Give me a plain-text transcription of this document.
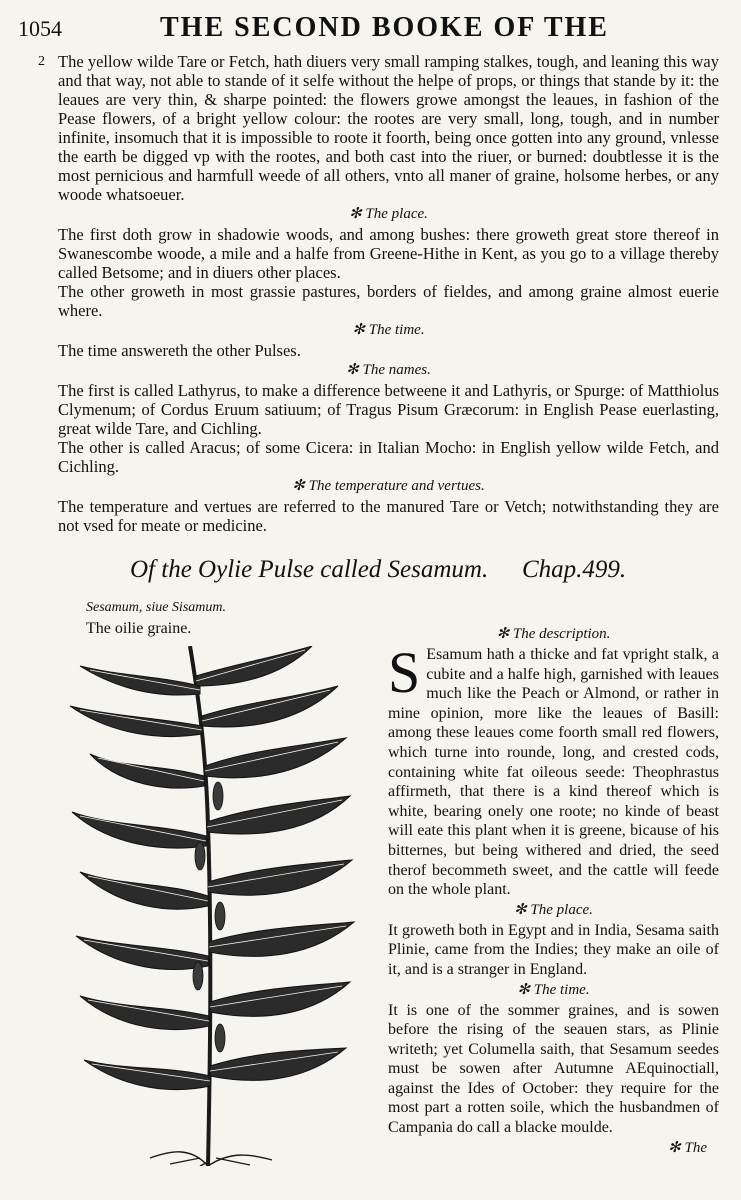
1054	THE SECOND BOOKE OF THE

2 The yellow wilde Tare or Fetch, hath diuers very small ramping stalkes, tough, and leaning this way and that way, not able to stande of it selfe without the helpe of props, or things that stande by it: the leaues are very thin, & sharpe pointed: the flowers growe amongst the leaues, in fashion of the Pease flowers, of a bright yellow colour: the rootes are very small, long, tough, and in number infinite, insomuch that it is impossible to roote it foorth, being once gotten into any ground, vnlesse the earth be digged vp with the rootes, and both cast into the riuer, or burned: doubtlesse it is the most pernicious and harmfull weede of all others, vnto all maner of graine, holsome herbes, or any woode whatsoeuer.

✻ The place.

The first doth grow in shadowie woods, and among bushes: there groweth great store thereof in Swanescombe woode, a mile and a halfe from Greene-Hithe in Kent, as you go to a village thereby called Betsome; and in diuers other places.

The other groweth in most grassie pastures, borders of fieldes, and among graine almost euerie where.

✻ The time.

The time answereth the other Pulses.

✻ The names.

The first is called Lathyrus, to make a difference betweene it and Lathyris, or Spurge: of Matthiolus Clymenum; of Cordus Eruum satiuum; of Tragus Pisum Græcorum: in English Pease euerlasting, great wilde Tare, and Cichling.

The other is called Aracus; of some Cicera: in Italian Mocho: in English yellow wilde Fetch, and Cichling.

✻ The temperature and vertues.

The temperature and vertues are referred to the manured Tare or Vetch; notwithstanding they are not vsed for meate or medicine.

Of the Oylie Pulse called Sesamum. Chap.499.
Sesamum, siue Sisamum.
The oilie graine.	✻ The description.

S Esamum hath a thicke and fat vpright stalk, a cubite and a halfe high, garnished with leaues much like the Peach or Almond, or rather in mine opinion, more like the leaues of Basill: among these leaues come foorth small red flowers, which turne into rounde, long, and crested cods, containing white fat oileous seede: Theophrastus affirmeth, that there is a kind thereof which is white, bearing onely one roote; no kinde of beast will eate this plant when it is greene, bicause of his bitternes, but being withered and dried, the seed therof becommeth sweet, and the cattle will feede on the whole plant.

✻ The place.

It groweth both in Egypt and in India, Sesama saith Plinie, came from the Indies; they make an oile of it, and is a stranger in England.

✻ The time.

It is one of the sommer graines, and is sowen before the rising of the seauen stars, as Plinie writeth; yet Columella saith, that Sesamum seedes must be sowen after Autumne AEquinoctiall, against the Ides of October: they require for the most part a rotten soile, which the husbandmen of Campania do call a blacke moulde.

✻ The
